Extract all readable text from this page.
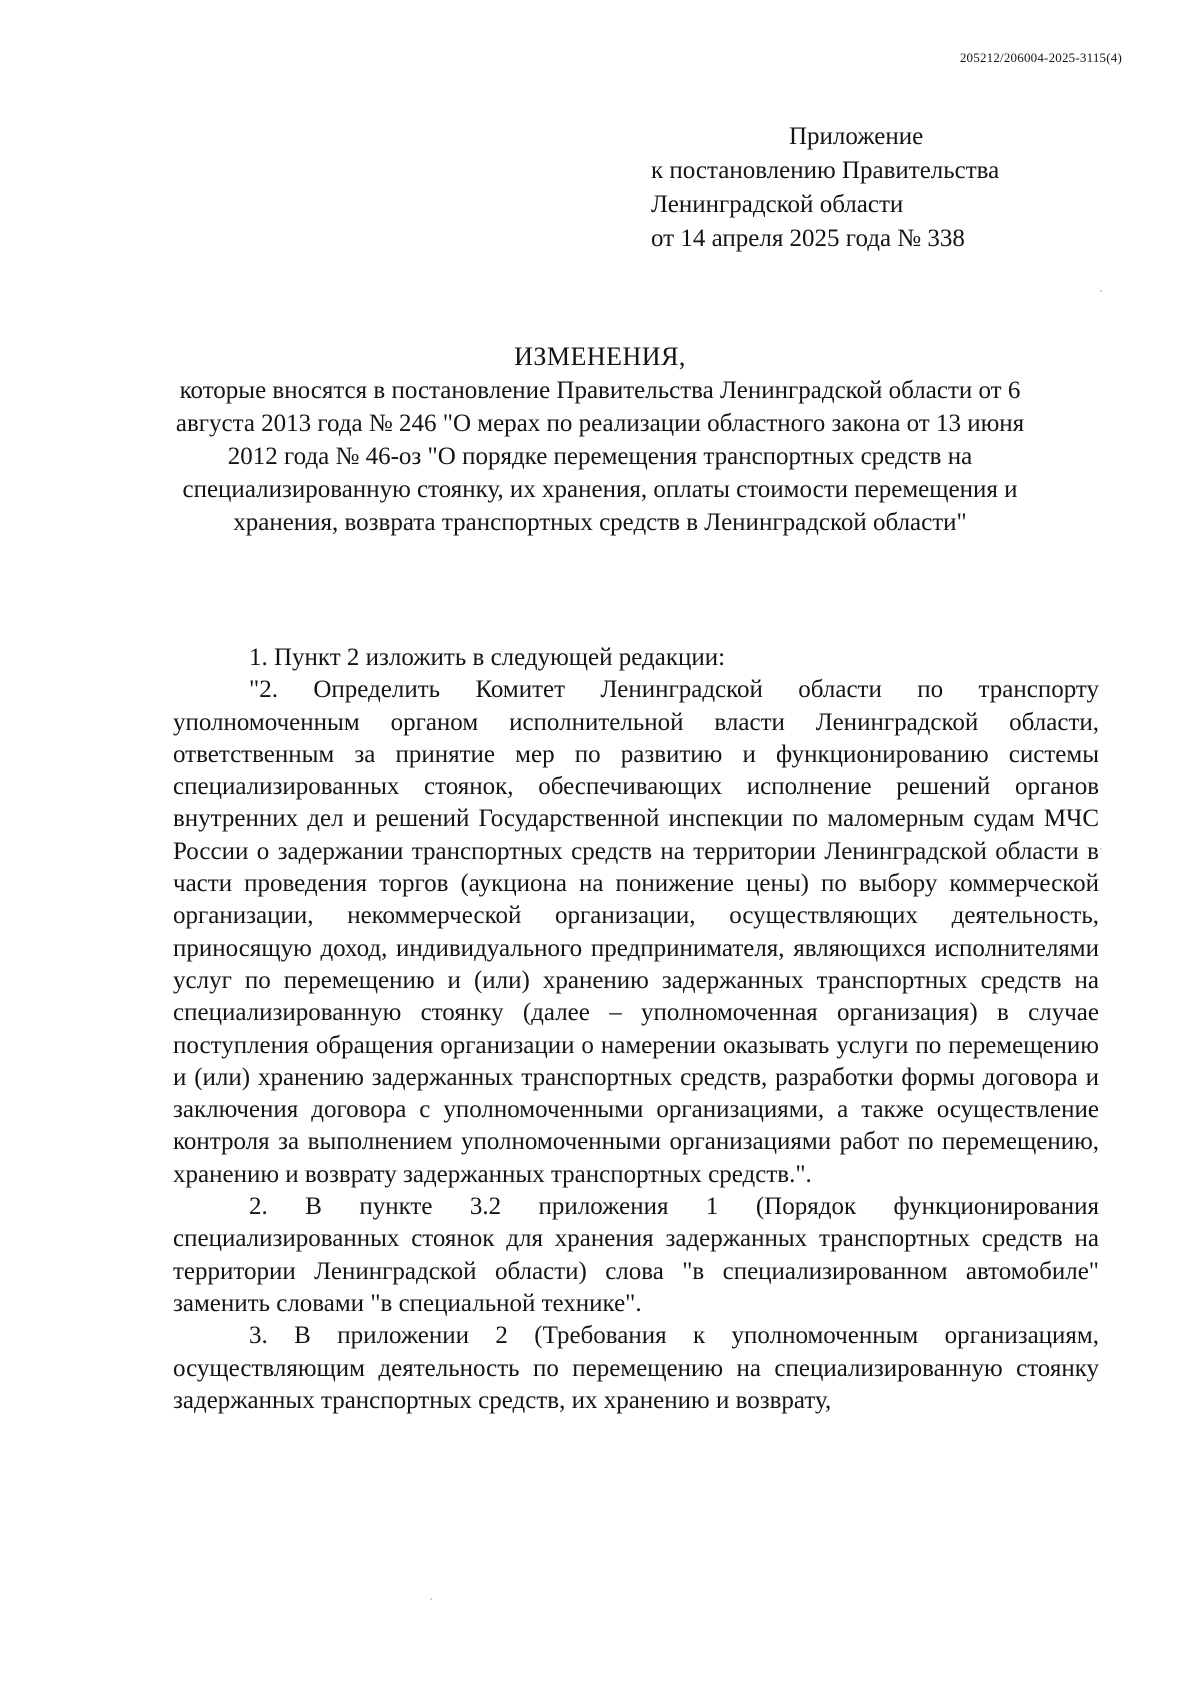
205212/206004-2025-3115(4)
Приложение
к постановлению Правительства
Ленинградской области
от 14 апреля 2025 года № 338
ИЗМЕНЕНИЯ,
которые вносятся в постановление Правительства Ленинградской области от 6 августа 2013 года № 246 "О мерах по реализации областного закона от 13 июня 2012 года № 46-оз "О порядке перемещения транспортных средств на специализированную стоянку, их хранения, оплаты стоимости перемещения и хранения, возврата транспортных средств в Ленинградской области"

1. Пункт 2 изложить в следующей редакции:

"2. Определить Комитет Ленинградской области по транспорту уполномоченным органом исполнительной власти Ленинградской области, ответственным за принятие мер по развитию и функционированию системы специализированных стоянок, обеспечивающих исполнение решений органов внутренних дел и решений Государственной инспекции по маломерным судам МЧС России о задержании транспортных средств на территории Ленинградской области в части проведения торгов (аукциона на понижение цены) по выбору коммерческой организации, некоммерческой организации, осуществляющих деятельность, приносящую доход, индивидуального предпринимателя, являющихся исполнителями услуг по перемещению и (или) хранению задержанных транспортных средств на специализированную стоянку (далее – уполномоченная организация) в случае поступления обращения организации о намерении оказывать услуги по перемещению и (или) хранению задержанных транспортных средств, разработки формы договора и заключения договора с уполномоченными организациями, а также осуществление контроля за выполнением уполномоченными организациями работ по перемещению, хранению и возврату задержанных транспортных средств.".

2. В пункте 3.2 приложения 1 (Порядок функционирования специализированных стоянок для хранения задержанных транспортных средств на территории Ленинградской области) слова "в специализированном автомобиле" заменить словами "в специальной технике".

3. В приложении 2 (Требования к уполномоченным организациям, осуществляющим деятельность по перемещению на специализированную стоянку задержанных транспортных средств, их хранению и возврату,
